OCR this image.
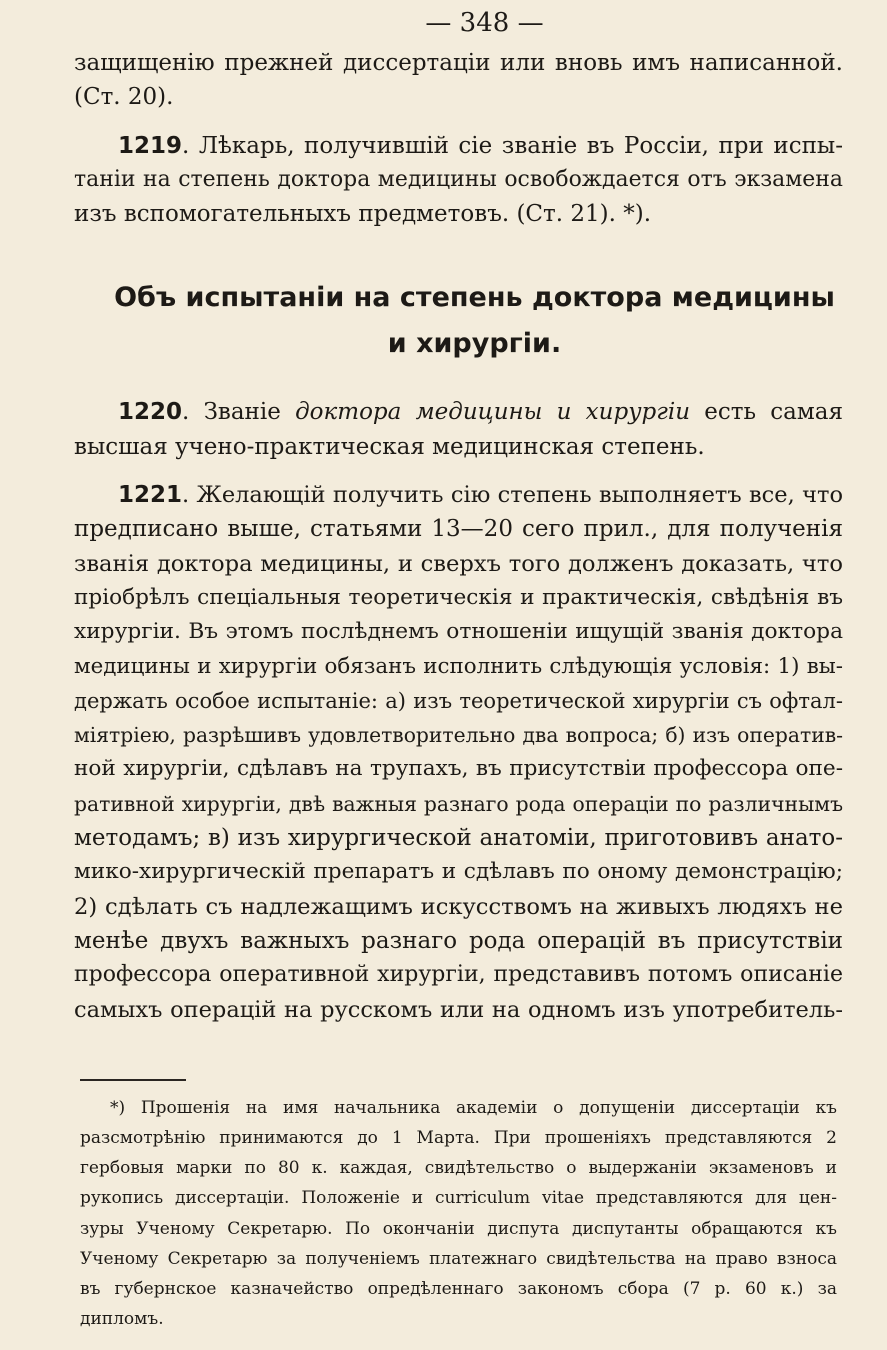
— 348 —

защищенію прежней диссертаціи или вновь имъ написанной.
(Ст. 20).

1219. Лѣкарь, получившій сіе званіе въ Россіи, при испы-
таніи на степень доктора медицины освобождается отъ экзамена
изъ вспомогательныхъ предметовъ. (Ст. 21). *).

Объ испытаніи на степень доктора медицины
и хирургіи.

1220. Званіе доктора медицины и хирургіи есть самая
высшая учено-практическая медицинская степень.

1221. Желающій получить сію степень выполняетъ все, что
предписано выше, статьями 13—20 сего прил., для полученія
званія доктора медицины, и сверхъ того долженъ доказать, что
пріобрѣлъ спеціальныя теоретическія и практическія, свѣдѣнія въ
хирургіи. Въ этомъ послѣднемъ отношеніи ищущій званія доктора
медицины и хирургіи обязанъ исполнить слѣдующія условія: 1) вы-
держать особое испытаніе: а) изъ теоретической хирургіи съ офтал-
міятріею, разрѣшивъ удовлетворительно два вопроса; б) изъ оператив-
ной хирургіи, сдѣлавъ на трупахъ, въ присутствіи профессора опе-
ративной хирургіи, двѣ важныя разнаго рода операціи по различнымъ
методамъ; в) изъ хирургической анатоміи, приготовивъ анато-
мико-хирургическій препаратъ и сдѣлавъ по оному демонстрацію;
2) сдѣлать съ надлежащимъ искусствомъ на живыхъ людяхъ не
менѣе двухъ важныхъ разнаго рода операцій въ присутствіи
профессора оперативной хирургіи, представивъ потомъ описаніе
самыхъ операцій на русскомъ или на одномъ изъ употребитель-

*) Прошенія на имя начальника академіи о допущеніи диссертаціи къ
разсмотрѣнію принимаются до 1 Марта. При прошеніяхъ представляются 2
гербовыя марки по 80 к. каждая, свидѣтельство о выдержаніи экзаменовъ и
рукопись диссертаціи. Положеніе и curriculum vitae представляются для цен-
зуры Ученому Секретарю. По окончаніи диспута диспутанты обращаются къ
Ученому Секретарю за полученіемъ платежнаго свидѣтельства на право взноса
въ губернское казначейство опредѣленнаго закономъ сбора (7 р. 60 к.) за
дипломъ.
